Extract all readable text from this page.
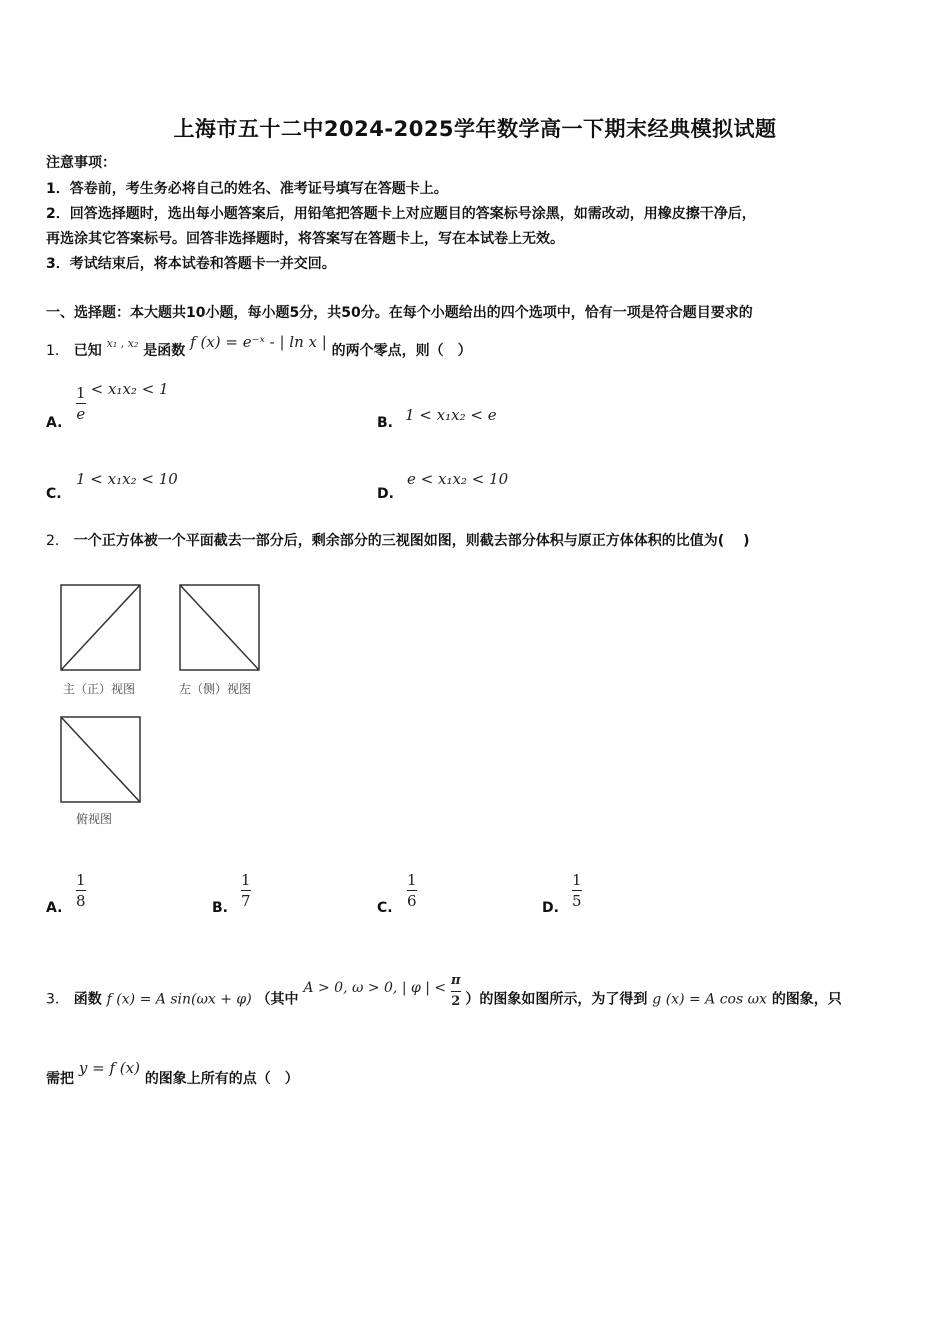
上海市五十二中2024-2025学年数学高一下期末经典模拟试题
注意事项：
1．答卷前，考生务必将自己的姓名、准考证号填写在答题卡上。
2．回答选择题时，选出每小题答案后，用铅笔把答题卡上对应题目的答案标号涂黑，如需改动，用橡皮擦干净后，
再选涂其它答案标号。回答非选择题时，将答案写在答题卡上，写在本试卷上无效。
3．考试结束后，将本试卷和答题卡一并交回。
一、选择题：本大题共10小题，每小题5分，共50分。在每个小题给出的四个选项中，恰有一项是符合题目要求的
1． 已知 $^{x_1 , x_2}$ 是函数 f (x) = e⁻ˣ - | ln x | 的两个零点，则（　）
A. $\frac{1}{e} < x_1x_2 < 1$
B. 1 < x₁x₂ < e
C.
1 < x₁x₂ < 10
D.
e < x₁x₂ < 10
2． 一个正方体被一个平面截去一部分后，剩余部分的三视图如图，则截去部分体积与原正方体体积的比值为(　 )
主（正）视图	左（侧）视图
俯视图
A.
1
8	B.
1
7	C.
1
6	D.
1
5
3． 函数 f (x) = A sin(ωx + φ) （其中 A > 0, ω > 0, | φ | < $\frac{\pi}{2}$ ）的图象如图所示，为了得到 g (x) = A cos ωx 的图象，只
需把 y = f (x) 的图象上所有的点（　）
